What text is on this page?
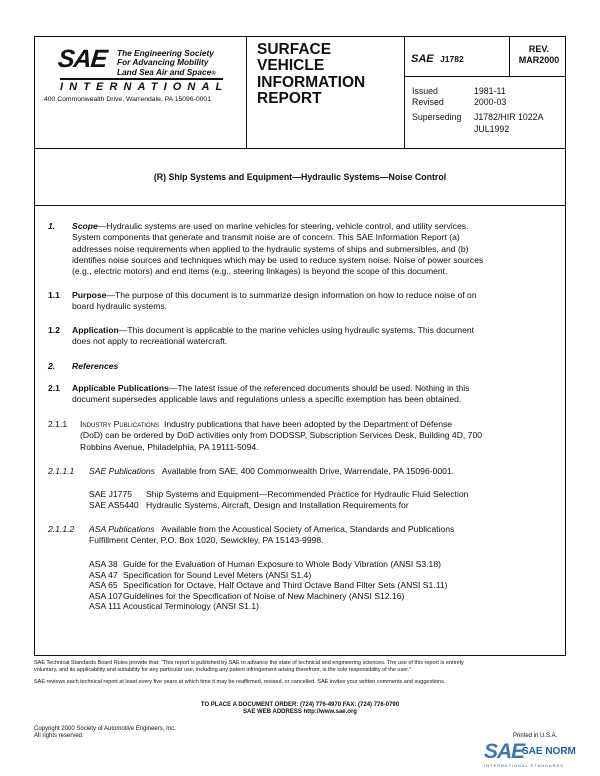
SAE The Engineering Society
For Advancing Mobility
Land Sea Air and Space®
INTERNATIONAL
400 Commonwealth Drive, Warrendale, PA 15096-0001
SURFACE
VEHICLE
INFORMATION
REPORT
SAE J1782
REV.
MAR2000
Issued	1981-11
Revised	2000-03
Superseding J1782/HIR 1022A
JUL1992
(R) Ship Systems and Equipment—Hydraulic Systems—Noise Control
1. Scope—Hydraulic systems are used on marine vehicles for steering, vehicle control, and utility services.
System components that generate and transmit noise are of concern. This SAE Information Report (a)
addresses noise requirements when applied to the hydraulic systems of ships and submersibles, and (b)
identifies noise sources and techniques which may be used to reduce system noise. Noise of power sources
(e.g., electric motors) and end items (e.g., steering linkages) is beyond the scope of this document.
1.1 Purpose—The purpose of this document is to summarize design information on how to reduce noise of on
board hydraulic systems.
1.2 Application—This document is applicable to the marine vehicles using hydraulic systems. This document
does not apply to recreational watercraft.
2. References
2.1 Applicable Publications—The latest issue of the referenced documents should be used. Nothing in this
document supersedes applicable laws and regulations unless a specific exemption has been obtained.
2.1.1 Industry Publications Industry publications that have been adopted by the Department of Defense
(DoD) can be ordered by DoD activities only from DODSSP, Subscription Services Desk, Building 4D, 700
Robbins Avenue, Philadelphia, PA 19111-5094.
2.1.1.1 SAE Publications Available from SAE, 400 Commonwealth Drive, Warrendale, PA 15096-0001.
SAE J1775 Ship Systems and Equipment—Recommended Practice for Hydraulic Fluid Selection
SAE AS5440 Hydraulic Systems, Aircraft, Design and Installation Requirements for
2.1.1.2 ASA Publications Available from the Acoustical Society of America, Standards and Publications
Fulfillment Center, P.O. Box 1020, Sewickley, PA 15143-9998.
ASA 38 Guide for the Evaluation of Human Exposure to Whole Body Vibration (ANSI S3.18)
ASA 47 Specification for Sound Level Meters (ANSI S1.4)
ASA 65 Specification for Octave, Half Octave and Third Octave Band Filter Sets (ANSI S1.11)
ASA 107Guidelines for the Specification of Noise of New Machinery (ANSI S12.16)
ASA 111 Acoustical Terminology (ANSI S1.1)
SAE Technical Standards Board Rules provide that: “This report is published by SAE to advance the state of technical and engineering sciences. The use of this report is entirely
voluntary, and its applicability and suitability for any particular use, including any patent infringement arising therefrom, is the sole responsibility of the user.”
SAE reviews each technical report at least every five years at which time it may be reaffirmed, revised, or cancelled. SAE invites your written comments and suggestions.
TO PLACE A DOCUMENT ORDER: (724) 776-4970 FAX: (724) 776-0790
SAE WEB ADDRESS http://www.sae.org
Copyright 2000 Society of Automotive Engineers, Inc.
All rights reserved.	Printed in U.S.A.
SAE
SAE NORM
INTERNATIONAL STANDARDS
